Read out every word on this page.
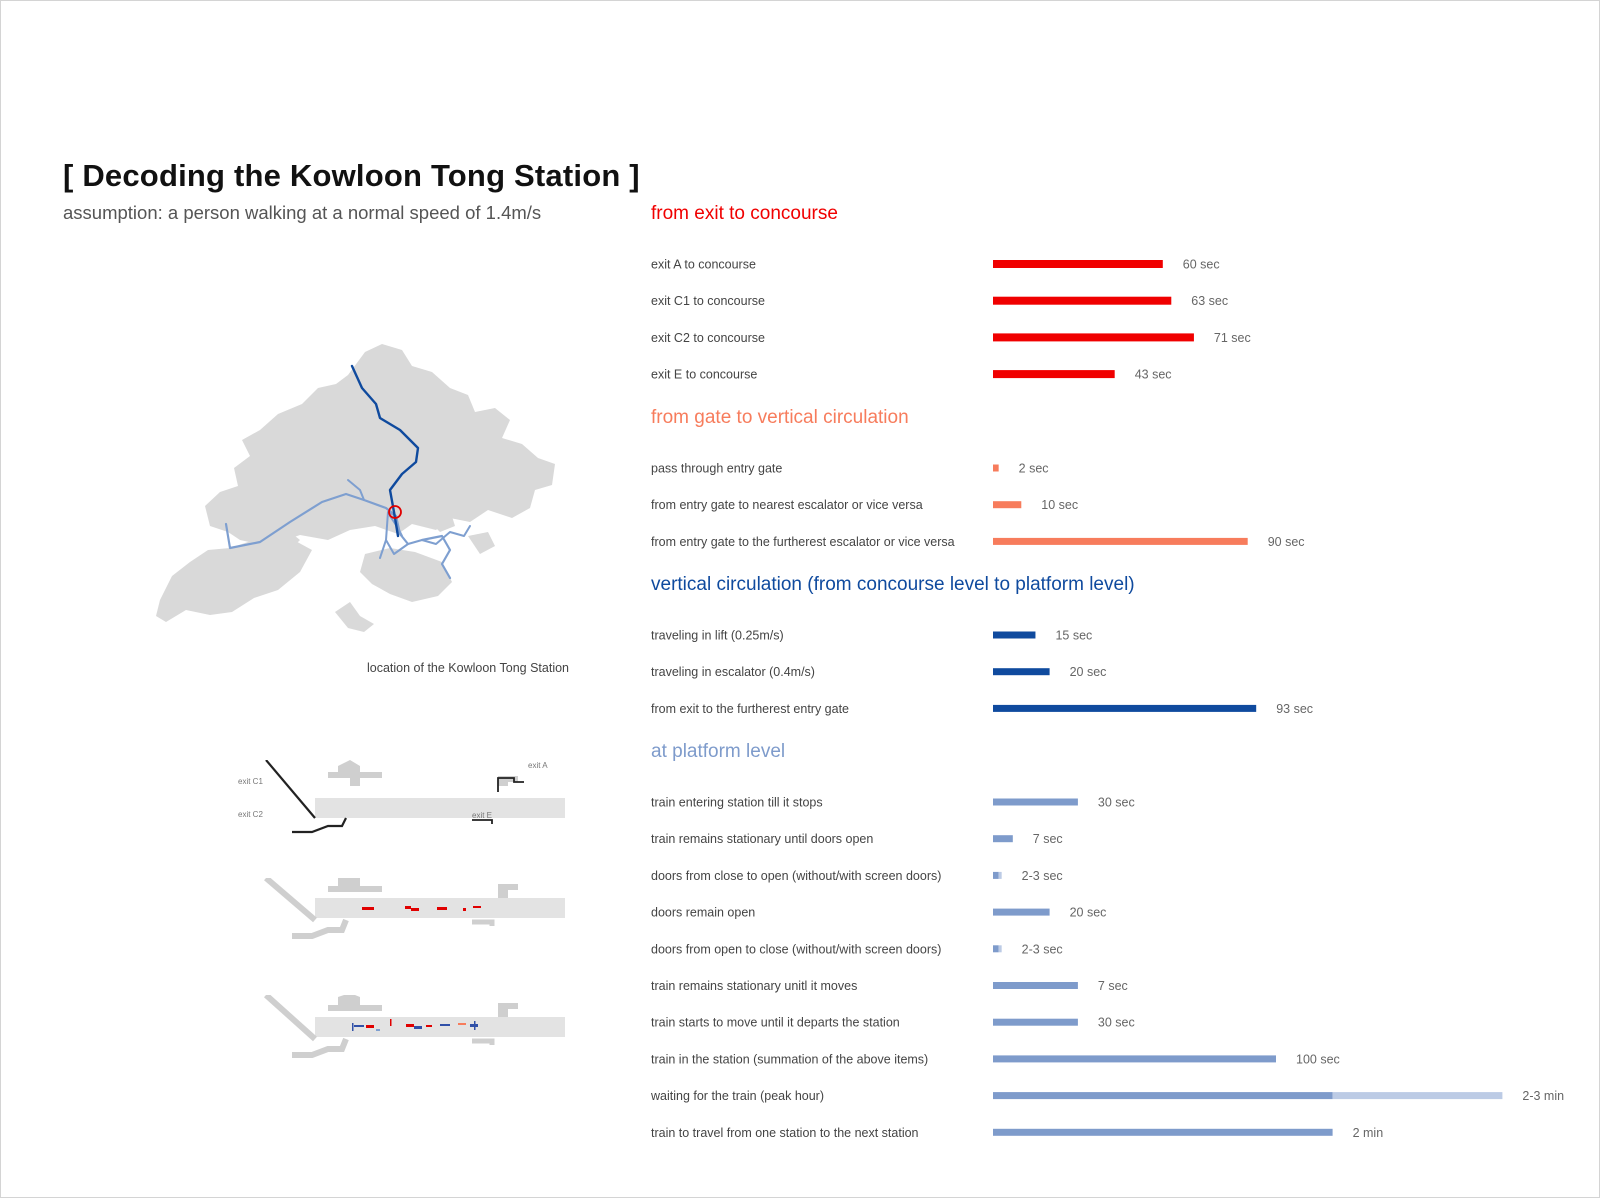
[ Decoding the Kowloon Tong Station ]
assumption: a person walking at a normal speed of 1.4m/s
location of the Kowloon Tong Station
exit C1
exit C2
exit A
exit E
from exit to concourse
exit A to concourse	60 sec
exit C1 to concourse	63 sec
exit C2 to concourse	71 sec
exit E to concourse	43 sec
from gate to vertical circulation
pass through entry gate	2 sec
from entry gate to nearest escalator or vice versa	10 sec
from entry gate to the furtherest escalator or vice versa	90 sec
vertical circulation (from concourse level to platform level)
traveling in lift (0.25m/s)	15 sec
traveling in escalator (0.4m/s)	20 sec
from exit to the furtherest entry gate	93 sec
at platform level
train entering station till it stops	30 sec
train remains stationary until doors open	7 sec
doors from close to open (without/with screen doors)	2-3 sec
doors remain open	20 sec
doors from open to close (without/with screen doors)	2-3 sec
train remains stationary unitl it moves	7 sec
train starts to move until it departs the station	30 sec
train in the station (summation of the above items)	100 sec
waiting for the train (peak hour)	2-3 min
train to travel from one station to the next station	2 min
